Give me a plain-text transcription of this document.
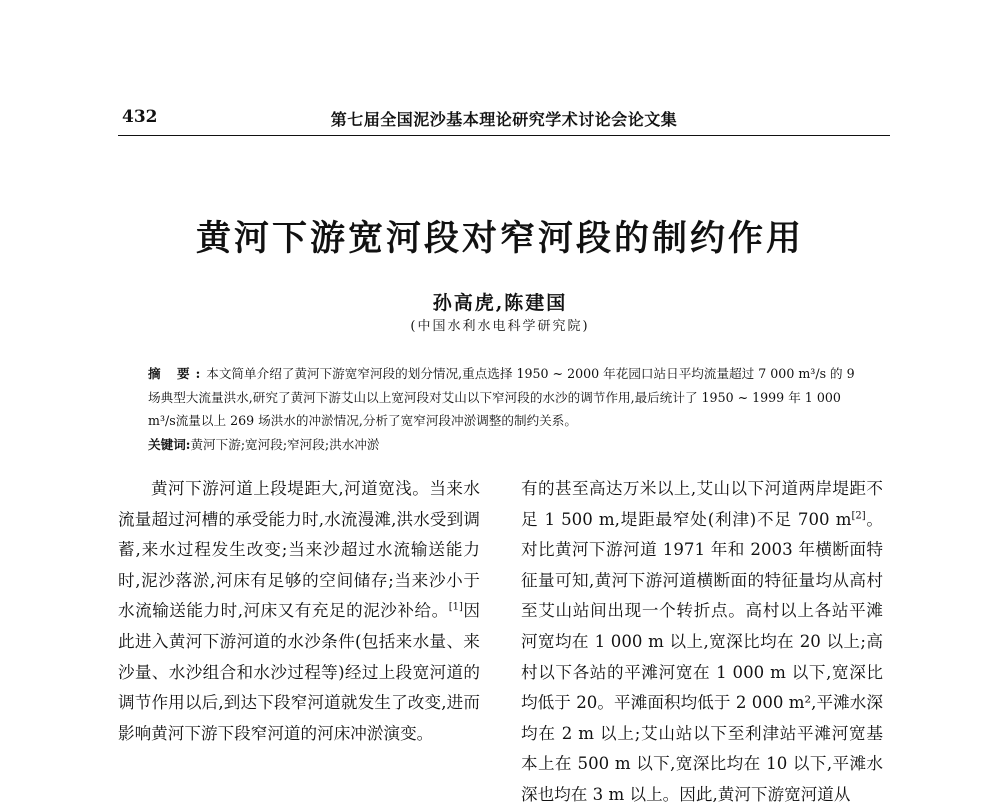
432	第七届全国泥沙基本理论研究学术讨论会论文集
黄河下游宽河段对窄河段的制约作用
孙高虎,陈建国
(中国水利水电科学研究院)

摘 要:本文简单介绍了黄河下游宽窄河段的划分情况,重点选择 1950 ~ 2000 年花园口站日平均流量超过 7 000 m³/s 的 9 场典型大流量洪水,研究了黄河下游艾山以上宽河段对艾山以下窄河段的水沙的调节作用,最后统计了 1950 ~ 1999 年 1 000 m³/s流量以上 269 场洪水的冲淤情况,分析了宽窄河段冲淤调整的制约关系。

关键词:黄河下游;宽河段;窄河段;洪水冲淤

黄河下游河道上段堤距大,河道宽浅。当来水流量超过河槽的承受能力时,水流漫滩,洪水受到调蓄,来水过程发生改变;当来沙超过水流输送能力时,泥沙落淤,河床有足够的空间储存;当来沙小于水流输送能力时,河床又有充足的泥沙补给。[1]因此进入黄河下游河道的水沙条件(包括来水量、来沙量、水沙组合和水沙过程等)经过上段宽河道的调节作用以后,到达下段窄河道就发生了改变,进而影响黄河下游下段窄河道的河床冲淤演变。

有的甚至高达万米以上,艾山以下河道两岸堤距不足 1 500 m,堤距最窄处(利津)不足 700 m[2]。对比黄河下游河道 1971 年和 2003 年横断面特征量可知,黄河下游河道横断面的特征量均从高村至艾山站间出现一个转折点。高村以上各站平滩河宽均在 1 000 m 以上,宽深比均在 20 以上;高村以下各站的平滩河宽在 1 000 m 以下,宽深比均低于 20。平滩面积均低于 2 000 m²,平滩水深均在 2 m 以上;艾山站以下至利津站平滩河宽基本上在 500 m 以下,宽深比均在 10 以下,平滩水深也均在 3 m 以上。因此,黄河下游宽河道从
